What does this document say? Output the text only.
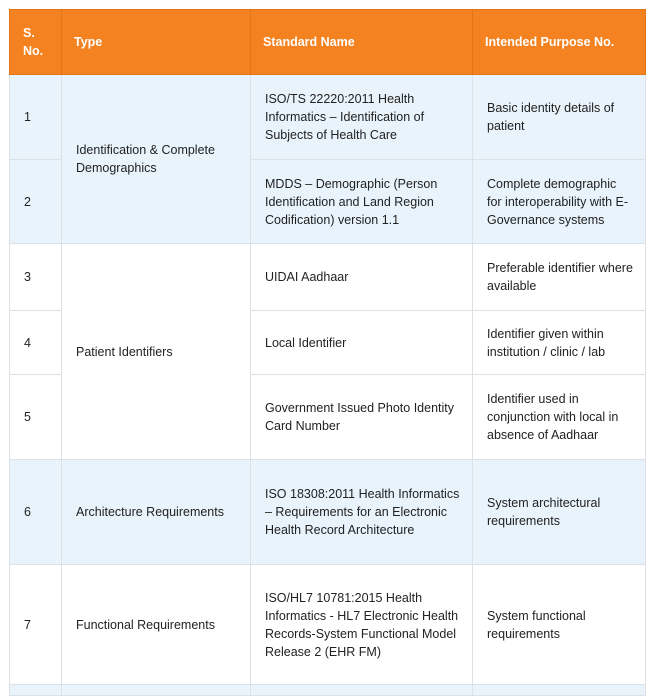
S. No.	Type	Standard Name	Intended Purpose No.
1	Identification & Complete Demographics	ISO/TS 22220:2011 Health Informatics – Identification of Subjects of Health Care	Basic identity details of patient
2		MDDS – Demographic (Person Identification and Land Region Codification) version 1.1	Complete demographic for interoperability with E-Governance systems
3	Patient Identifiers	UIDAI Aadhaar	Preferable identifier where available
4		Local Identifier	Identifier given within institution / clinic / lab
5		Government Issued Photo Identity Card Number	Identifier used in conjunction with local in absence of Aadhaar
6	Architecture Requirements	ISO 18308:2011 Health Informatics – Requirements for an Electronic Health Record Architecture	System architectural requirements
7	Functional Requirements	ISO/HL7 10781:2015 Health Informatics - HL7 Electronic Health Records-System Functional Model Release 2 (EHR FM)	System functional requirements
